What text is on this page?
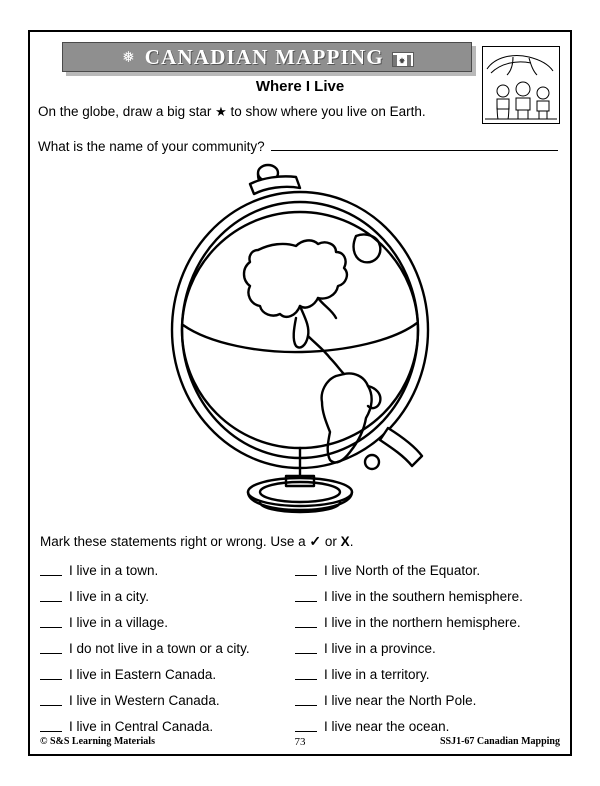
❅ CANADIAN MAPPING
Where I Live
On the globe, draw a big star ★ to show where you live on Earth.
What is the name of your community?
Mark these statements right or wrong. Use a ✓ or X.
I live in a town.	I live North of the Equator.
I live in a city.	I live in the southern hemisphere.
I live in a village.	I live in the northern hemisphere.
I do not live in a town or a city.	I live in a province.
I live in Eastern Canada.	I live in a territory.
I live in Western Canada.	I live near the North Pole.
I live in Central Canada.	I live near the ocean.
© S&S Learning Materials	73	SSJ1-67 Canadian Mapping
